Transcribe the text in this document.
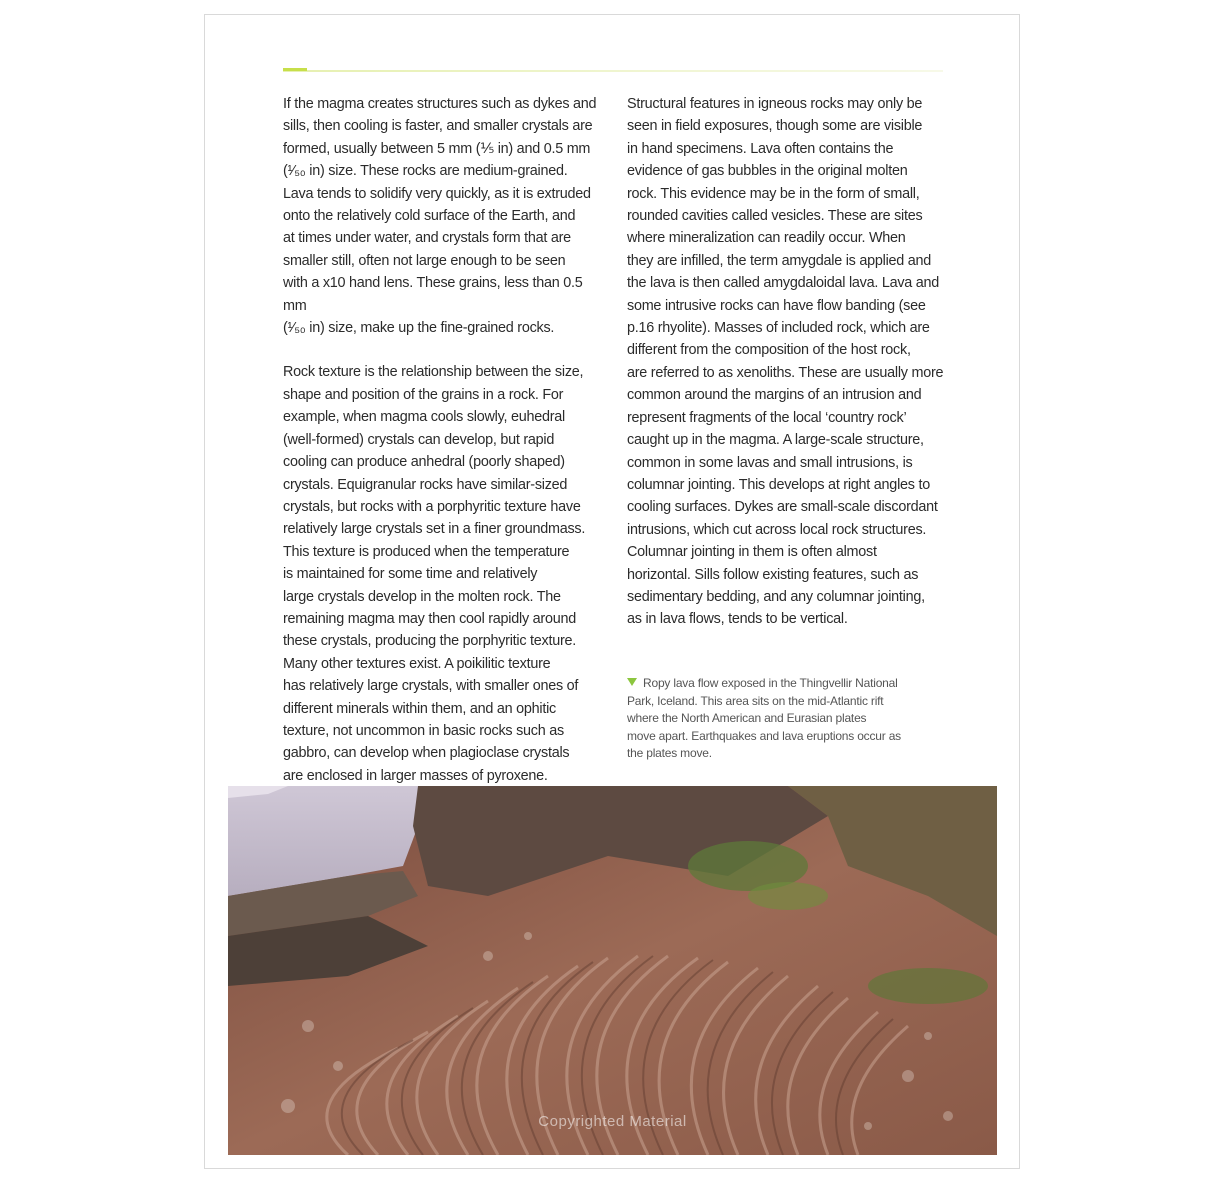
If the magma creates structures such as dykes and
sills, then cooling is faster, and smaller crystals are
formed, usually between 5 mm (⅕ in) and 0.5 mm
(¹⁄₅₀ in) size. These rocks are medium-grained.
Lava tends to solidify very quickly, as it is extruded
onto the relatively cold surface of the Earth, and
at times under water, and crystals form that are
smaller still, often not large enough to be seen
with a x10 hand lens. These grains, less than 0.5 mm
(¹⁄₅₀ in) size, make up the fine-grained rocks.

Rock texture is the relationship between the size,
shape and position of the grains in a rock. For
example, when magma cools slowly, euhedral
(well-formed) crystals can develop, but rapid
cooling can produce anhedral (poorly shaped)
crystals. Equigranular rocks have similar-sized
crystals, but rocks with a porphyritic texture have
relatively large crystals set in a finer groundmass.
This texture is produced when the temperature
is maintained for some time and relatively
large crystals develop in the molten rock. The
remaining magma may then cool rapidly around
these crystals, producing the porphyritic texture.
Many other textures exist. A poikilitic texture
has relatively large crystals, with smaller ones of
different minerals within them, and an ophitic
texture, not uncommon in basic rocks such as
gabbro, can develop when plagioclase crystals
are enclosed in larger masses of pyroxene.

Structural features in igneous rocks may only be
seen in field exposures, though some are visible
in hand specimens. Lava often contains the
evidence of gas bubbles in the original molten
rock. This evidence may be in the form of small,
rounded cavities called vesicles. These are sites
where mineralization can readily occur. When
they are infilled, the term amygdale is applied and
the lava is then called amygdaloidal lava. Lava and
some intrusive rocks can have flow banding (see
p.16 rhyolite). Masses of included rock, which are
different from the composition of the host rock,
are referred to as xenoliths. These are usually more
common around the margins of an intrusion and
represent fragments of the local ‘country rock’
caught up in the magma. A large-scale structure,
common in some lavas and small intrusions, is
columnar jointing. This develops at right angles to
cooling surfaces. Dykes are small-scale discordant
intrusions, which cut across local rock structures.
Columnar jointing in them is often almost
horizontal. Sills follow existing features, such as
sedimentary bedding, and any columnar jointing,
as in lava flows, tends to be vertical.

Ropy lava flow exposed in the Thingvellir National
Park, Iceland. This area sits on the mid-Atlantic rift
where the North American and Eurasian plates
move apart. Earthquakes and lava eruptions occur as
the plates move.
Copyrighted Material
